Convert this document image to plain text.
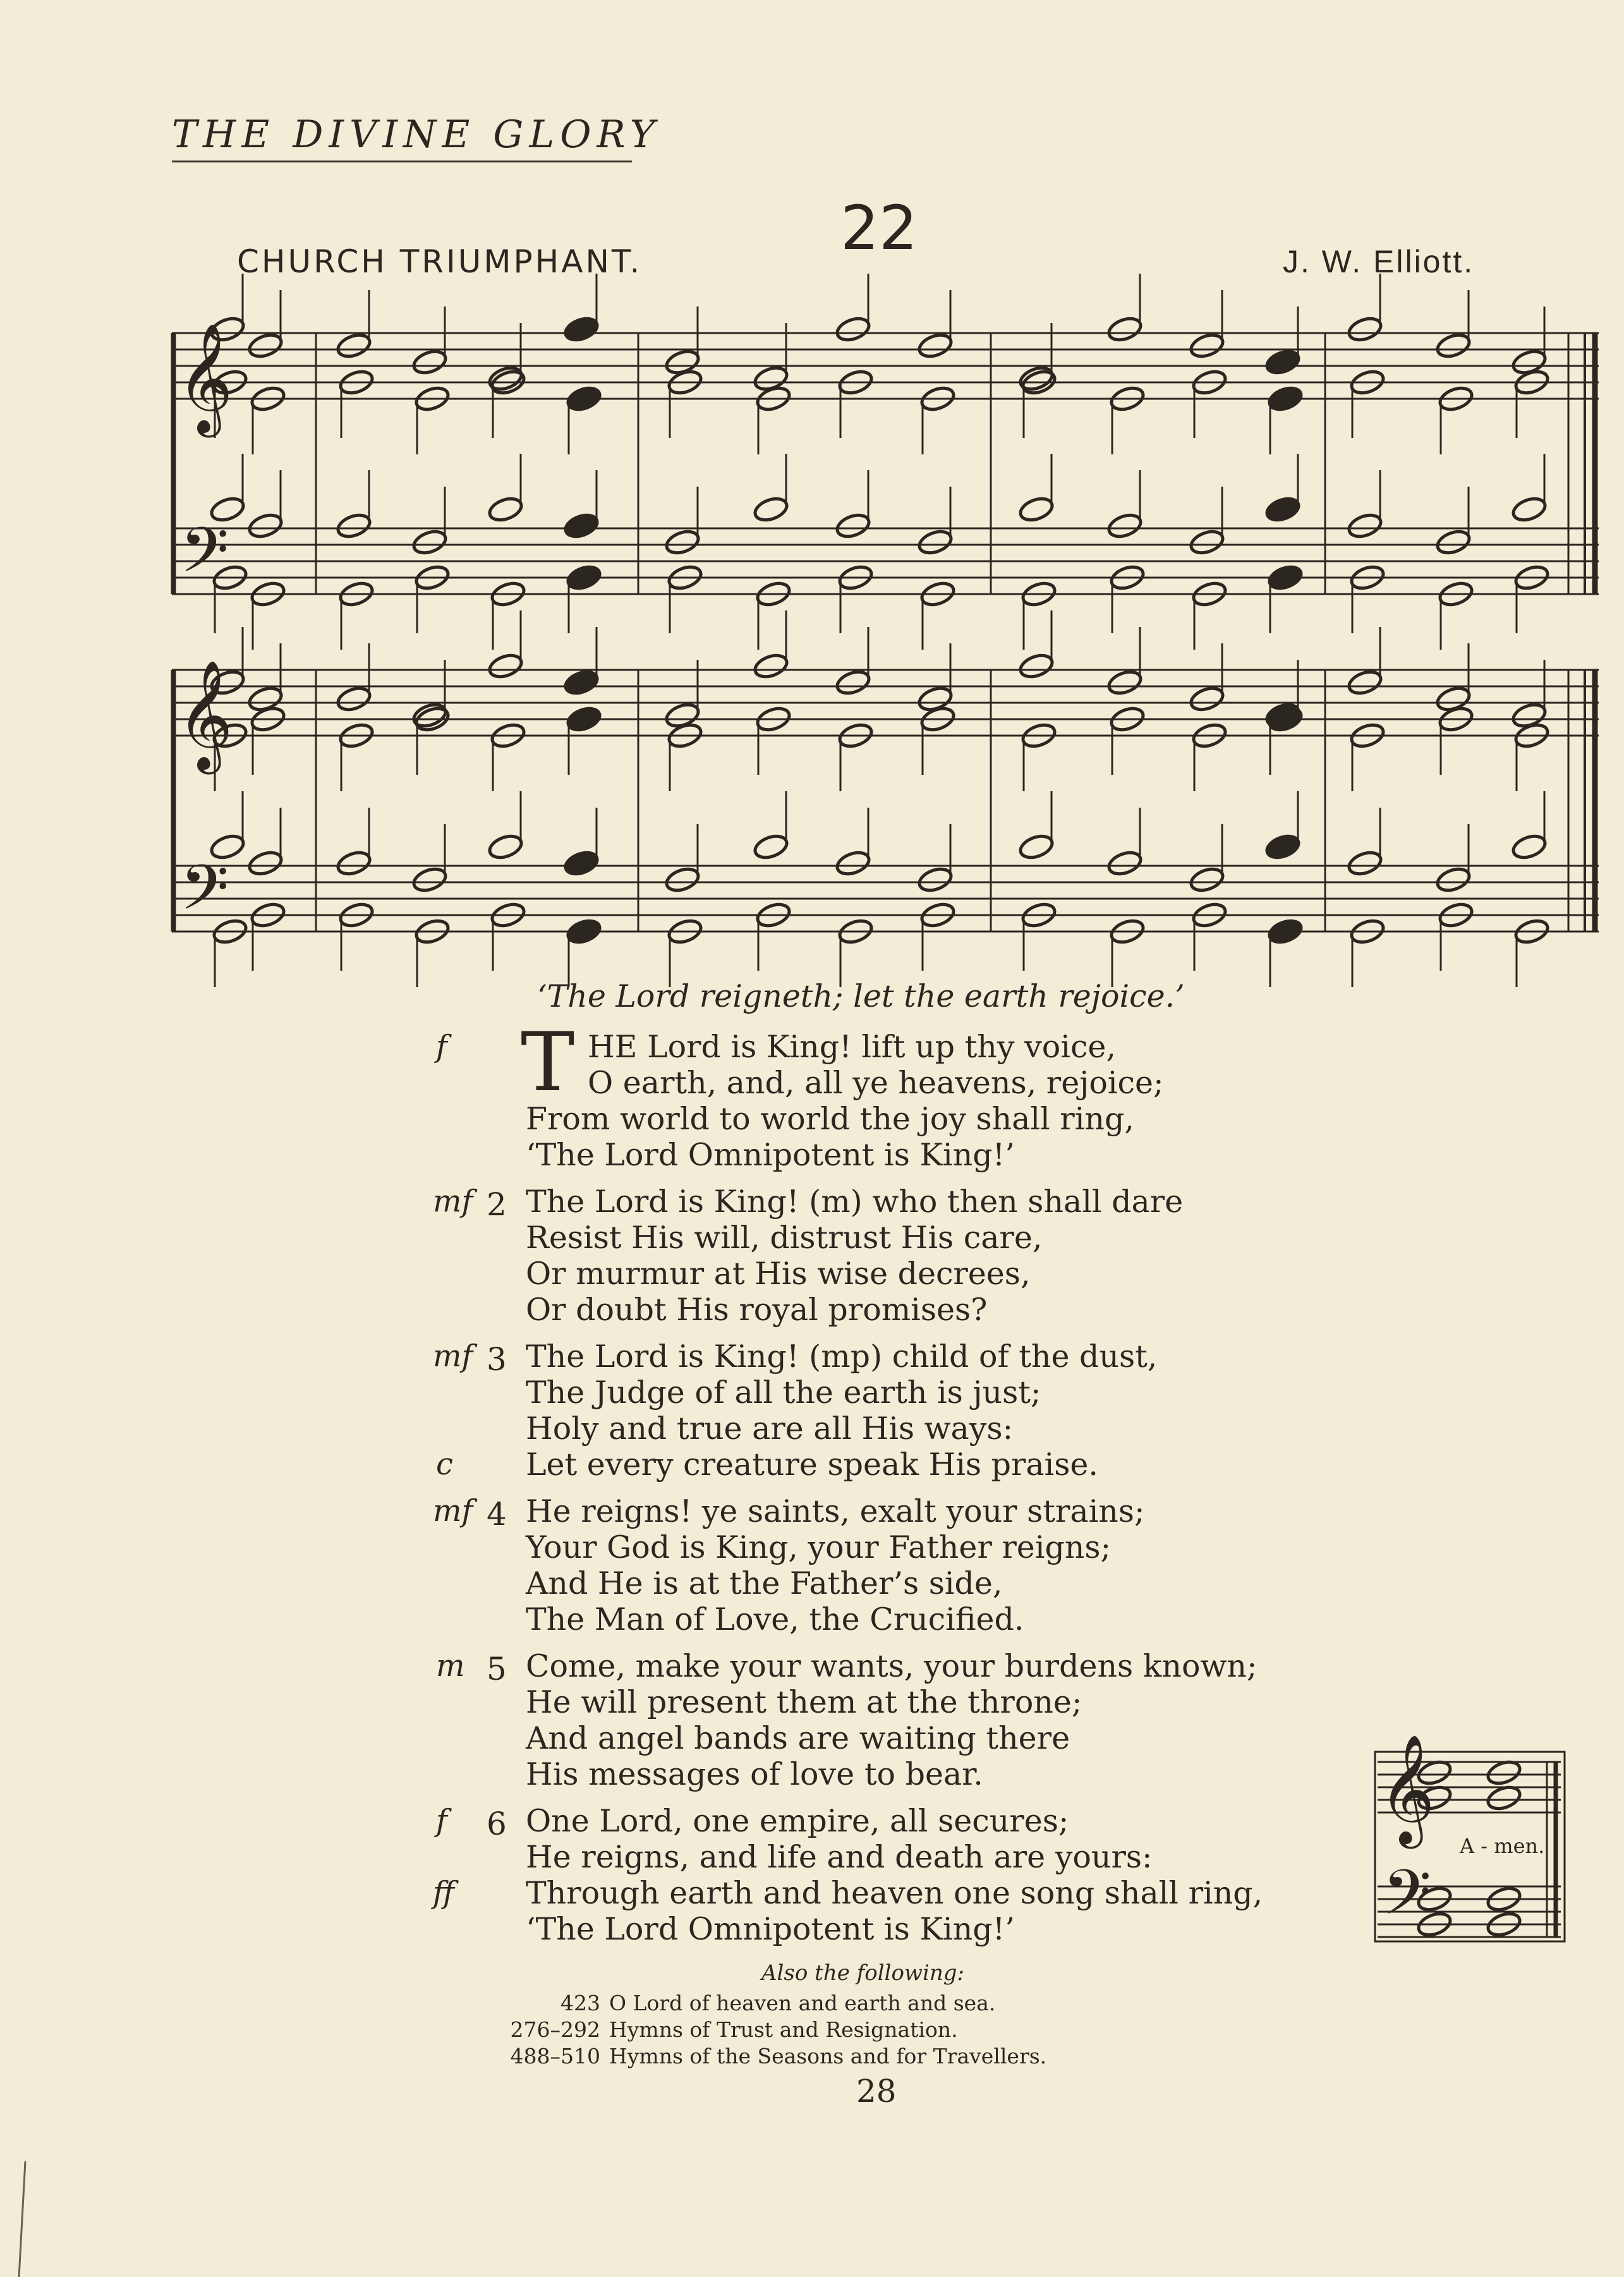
THE DIVINE GLORY
22
CHURCH TRIUMPHANT.	J. W. Elliott.
𝄞
𝄢
𝄞
𝄢
𝄞
𝄢
‘The Lord reigneth; let the earth rejoice.’
T
f	HE Lord is King! lift up thy voice,
O earth, and, all ye heavens, rejoice;
From world to world the joy shall ring,
‘The Lord Omnipotent is King!’
2
mf The Lord is King! (m) who then shall dare
Resist His will, distrust His care,
Or murmur at His wise decrees,
Or doubt His royal promises?
3
mf The Lord is King! (mp) child of the dust,
The Judge of all the earth is just;
Holy and true are all His ways:
c Let every creature speak His praise.
4
mf He reigns! ye saints, exalt your strains;
Your God is King, your Father reigns;
And He is at the Father’s side,
The Man of Love, the Crucified.
5
m Come, make your wants, your burdens known;
He will present them at the throne;
And angel bands are waiting there
His messages of love to bear.
6
f	One Lord, one empire, all secures;
He reigns, and life and death are yours:
ff Through earth and heaven one song shall ring,
‘The Lord Omnipotent is King!’
A - men.
Also the following:
423 O Lord of heaven and earth and sea.
276–292 Hymns of Trust and Resignation.
488–510 Hymns of the Seasons and for Travellers.
28
